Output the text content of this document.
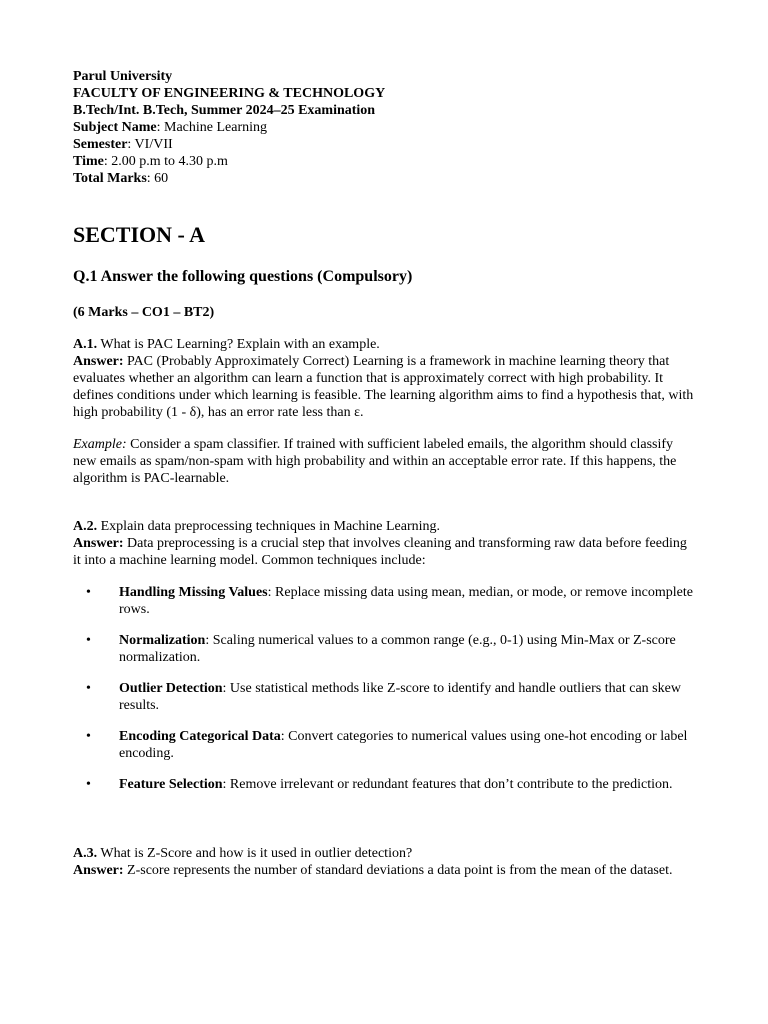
Parul University

FACULTY OF ENGINEERING & TECHNOLOGY

B.Tech/Int. B.Tech, Summer 2024–25 Examination

Subject Name: Machine Learning

Semester: VI/VII

Time: 2.00 p.m to 4.30 p.m

Total Marks: 60

SECTION - A
Q.1 Answer the following questions (Compulsory)

(6 Marks – CO1 – BT2)

A.1. What is PAC Learning? Explain with an example.

Answer: PAC (Probably Approximately Correct) Learning is a framework in machine learning theory that evaluates whether an algorithm can learn a function that is approximately correct with high probability. It defines conditions under which learning is feasible. The learning algorithm aims to find a hypothesis that, with high probability (1 - δ), has an error rate less than ε.

Example: Consider a spam classifier. If trained with sufficient labeled emails, the algorithm should classify new emails as spam/non-spam with high probability and within an acceptable error rate. If this happens, the algorithm is PAC-learnable.

A.2. Explain data preprocessing techniques in Machine Learning.

Answer: Data preprocessing is a crucial step that involves cleaning and transforming raw data before feeding it into a machine learning model. Common techniques include:

• Handling Missing Values: Replace missing data using mean, median, or mode, or remove incomplete rows.
• Normalization: Scaling numerical values to a common range (e.g., 0-1) using Min-Max or Z-score normalization.
• Outlier Detection: Use statistical methods like Z-score to identify and handle outliers that can skew results.
• Encoding Categorical Data: Convert categories to numerical values using one-hot encoding or label encoding.
• Feature Selection: Remove irrelevant or redundant features that don’t contribute to the prediction.

A.3. What is Z-Score and how is it used in outlier detection?

Answer: Z-score represents the number of standard deviations a data point is from the mean of the dataset.
